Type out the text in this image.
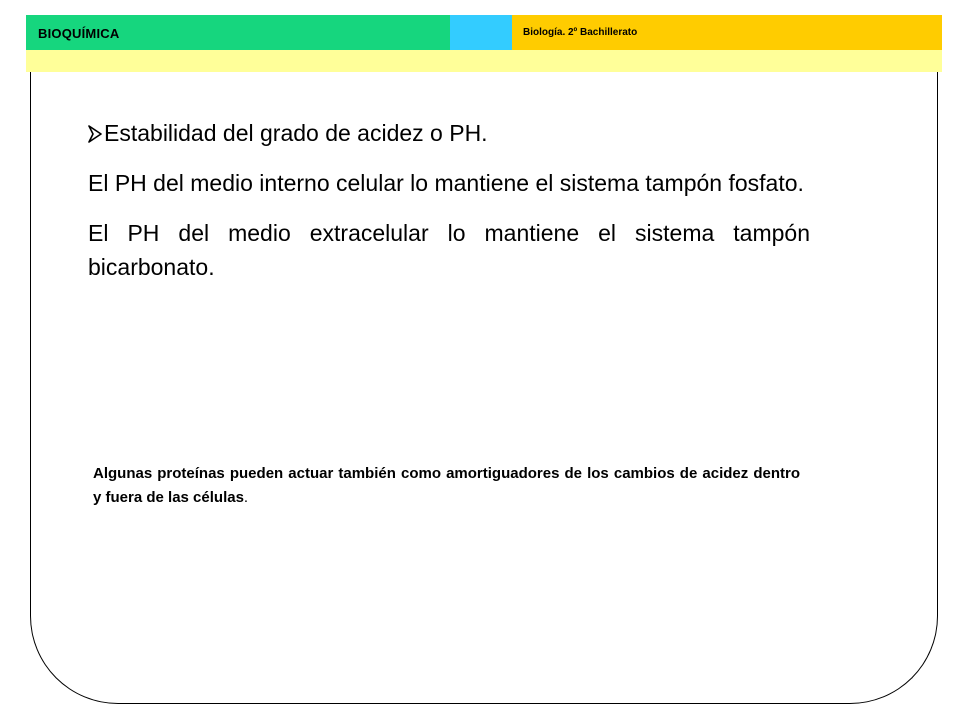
BIOQUÍMICA	Biología. 2º Bachillerato
Estabilidad del grado de acidez o PH.

El PH del medio interno celular lo mantiene el sistema tampón fosfato.

El PH del medio extracelular lo mantiene el sistema tampón bicarbonato.

Algunas proteínas pueden actuar también como amortiguadores de los cambios de acidez dentro y fuera de las células.
